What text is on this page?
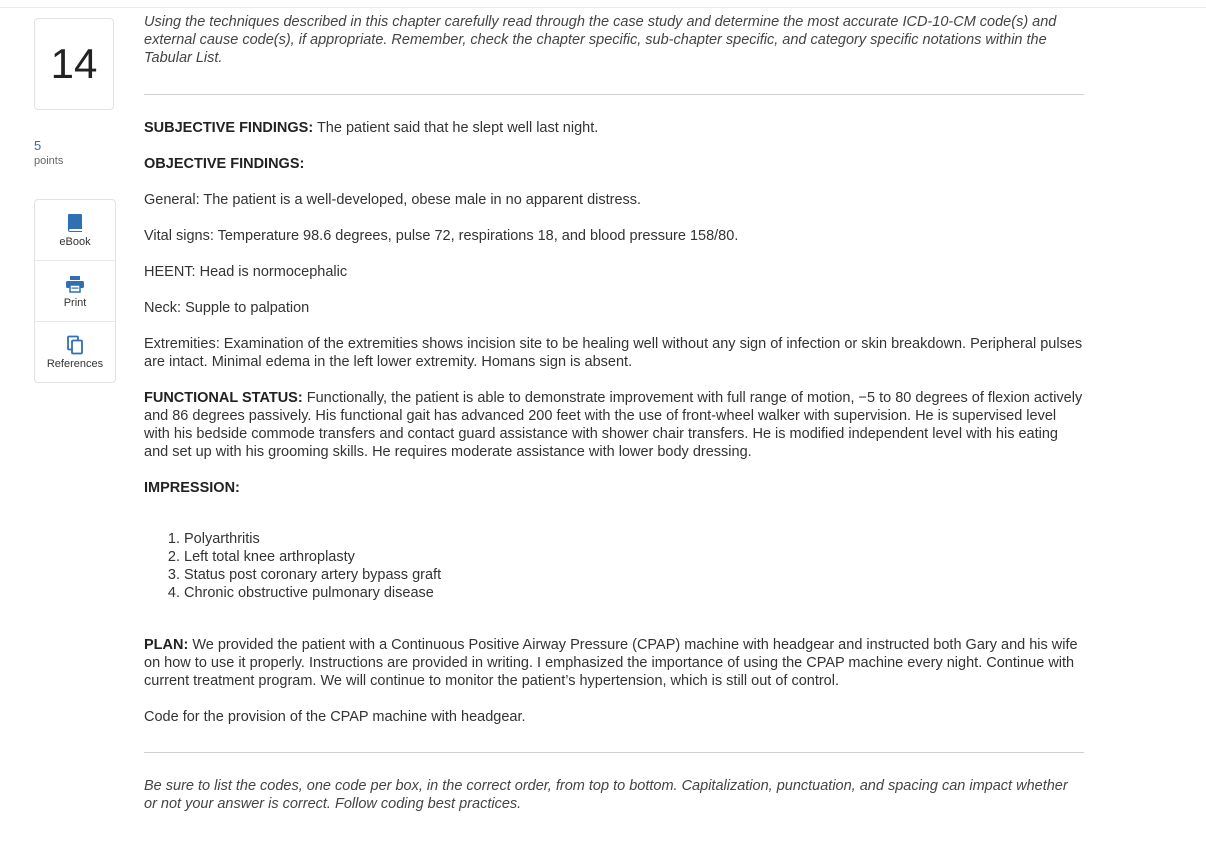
14
5
points
eBook
Print
References

Using the techniques described in this chapter carefully read through the case study and determine the most accurate ICD-10-CM code(s) and external cause code(s), if appropriate. Remember, check the chapter specific, sub-chapter specific, and category specific notations within the Tabular List.

SUBJECTIVE FINDINGS: The patient said that he slept well last night.

OBJECTIVE FINDINGS:

General: The patient is a well-developed, obese male in no apparent distress.

Vital signs: Temperature 98.6 degrees, pulse 72, respirations 18, and blood pressure 158/80.

HEENT: Head is normocephalic

Neck: Supple to palpation

Extremities: Examination of the extremities shows incision site to be healing well without any sign of infection or skin breakdown. Peripheral pulses are intact. Minimal edema in the left lower extremity. Homans sign is absent.

FUNCTIONAL STATUS: Functionally, the patient is able to demonstrate improvement with full range of motion, −5 to 80 degrees of flexion actively and 86 degrees passively. His functional gait has advanced 200 feet with the use of front-wheel walker with supervision. He is supervised level with his bedside commode transfers and contact guard assistance with shower chair transfers. He is modified independent level with his eating and set up with his grooming skills. He requires moderate assistance with lower body dressing.

IMPRESSION:

1. Polyarthritis
2. Left total knee arthroplasty
3. Status post coronary artery bypass graft
4. Chronic obstructive pulmonary disease

PLAN: We provided the patient with a Continuous Positive Airway Pressure (CPAP) machine with headgear and instructed both Gary and his wife on how to use it properly. Instructions are provided in writing. I emphasized the importance of using the CPAP machine every night. Continue with current treatment program. We will continue to monitor the patient’s hypertension, which is still out of control.

Code for the provision of the CPAP machine with headgear.

Be sure to list the codes, one code per box, in the correct order, from top to bottom. Capitalization, punctuation, and spacing can impact whether or not your answer is correct. Follow coding best practices.
